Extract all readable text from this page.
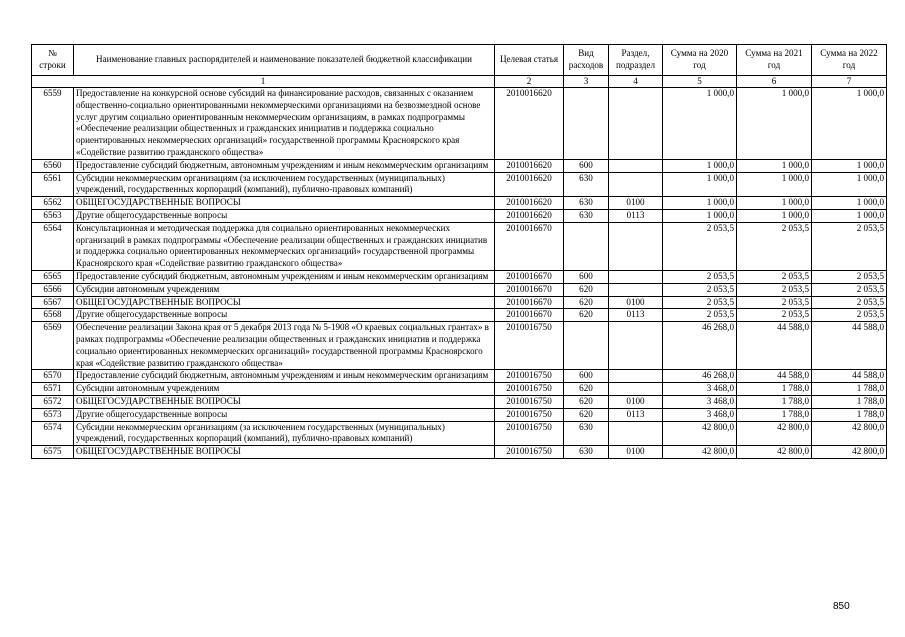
№ строки	Наименование главных распорядителей и наименование показателей бюджетной классификации	Целевая статья	Вид расходов	Раздел, подраздел	Сумма на 2020 год	Сумма на 2021 год	Сумма на 2022 год
1		2	3	4	5	6	7
6559	Предоставление на конкурсной основе субсидий на финансирование расходов, связанных с оказанием общественно-социально ориентированными некоммерческими организациями на безвозмездной основе услуг другим социально ориентированным некоммерческим организациям, в рамках подпрограммы «Обеспечение реализации общественных и гражданских инициатив и поддержка социально ориентированных некоммерческих организаций» государственной программы Красноярского края «Содействие развитию гражданского общества»	2010016620			1 000,0	1 000,0	1 000,0
6560	Предоставление субсидий бюджетным, автономным учреждениям и иным некоммерческим организациям	2010016620	600		1 000,0	1 000,0	1 000,0
6561	Субсидии некоммерческим организациям (за исключением государственных (муниципальных) учреждений, государственных корпораций (компаний), публично-правовых компаний)	2010016620	630		1 000,0	1 000,0	1 000,0
6562	ОБЩЕГОСУДАРСТВЕННЫЕ ВОПРОСЫ	2010016620	630	0100	1 000,0	1 000,0	1 000,0
6563	Другие общегосударственные вопросы	2010016620	630	0113	1 000,0	1 000,0	1 000,0
6564	Консультационная и методическая поддержка для социально ориентированных некоммерческих организаций в рамках подпрограммы «Обеспечение реализации общественных и гражданских инициатив и поддержка социально ориентированных некоммерческих организаций» государственной программы Красноярского края «Содействие развитию гражданского общества»	2010016670			2 053,5	2 053,5	2 053,5
6565	Предоставление субсидий бюджетным, автономным учреждениям и иным некоммерческим организациям	2010016670	600		2 053,5	2 053,5	2 053,5
6566	Субсидии автономным учреждениям	2010016670	620		2 053,5	2 053,5	2 053,5
6567	ОБЩЕГОСУДАРСТВЕННЫЕ ВОПРОСЫ	2010016670	620	0100	2 053,5	2 053,5	2 053,5
6568	Другие общегосударственные вопросы	2010016670	620	0113	2 053,5	2 053,5	2 053,5
6569	Обеспечение реализации Закона края от 5 декабря 2013 года № 5-1908 «О краевых социальных грантах» в рамках подпрограммы «Обеспечение реализации общественных и гражданских инициатив и поддержка социально ориентированных некоммерческих организаций» государственной программы Красноярского края «Содействие развитию гражданского общества»	2010016750			46 268,0	44 588,0	44 588,0
6570	Предоставление субсидий бюджетным, автономным учреждениям и иным некоммерческим организациям	2010016750	600		46 268,0	44 588,0	44 588,0
6571	Субсидии автономным учреждениям	2010016750	620		3 468,0	1 788,0	1 788,0
6572	ОБЩЕГОСУДАРСТВЕННЫЕ ВОПРОСЫ	2010016750	620	0100	3 468,0	1 788,0	1 788,0
6573	Другие общегосударственные вопросы	2010016750	620	0113	3 468,0	1 788,0	1 788,0
6574	Субсидии некоммерческим организациям (за исключением государственных (муниципальных) учреждений, государственных корпораций (компаний), публично-правовых компаний)	2010016750	630		42 800,0	42 800,0	42 800,0
6575	ОБЩЕГОСУДАРСТВЕННЫЕ ВОПРОСЫ	2010016750	630	0100	42 800,0	42 800,0	42 800,0
850
